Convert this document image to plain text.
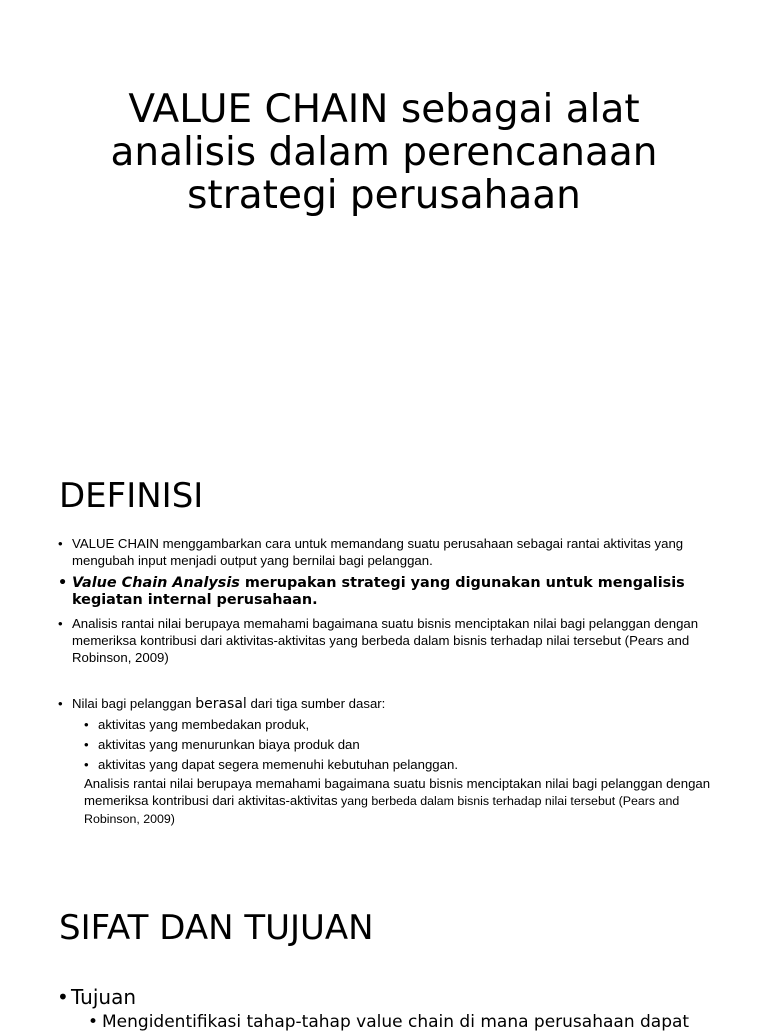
VALUE CHAIN sebagai alat analisis dalam perencanaan strategi perusahaan
DEFINISI
• VALUE CHAIN menggambarkan cara untuk memandang suatu perusahaan sebagai rantai aktivitas yang mengubah input menjadi output yang bernilai bagi pelanggan.
• Value Chain Analysis merupakan strategi yang digunakan untuk mengalisis kegiatan internal perusahaan.
• Analisis rantai nilai berupaya memahami bagaimana suatu bisnis menciptakan nilai bagi pelanggan dengan memeriksa kontribusi dari aktivitas-aktivitas yang berbeda dalam bisnis terhadap nilai tersebut (Pears and Robinson, 2009)
• Nilai bagi pelanggan berasal dari tiga sumber dasar:
• aktivitas yang membedakan produk,
• aktivitas yang menurunkan biaya produk dan
• aktivitas yang dapat segera memenuhi kebutuhan pelanggan.

Analisis rantai nilai berupaya memahami bagaimana suatu bisnis menciptakan nilai bagi pelanggan dengan memeriksa kontribusi dari aktivitas-aktivitas yang berbeda dalam bisnis terhadap nilai tersebut (Pears and Robinson, 2009)

SIFAT DAN TUJUAN
• Tujuan
• Mengidentifikasi tahap-tahap value chain di mana perusahaan dapat
